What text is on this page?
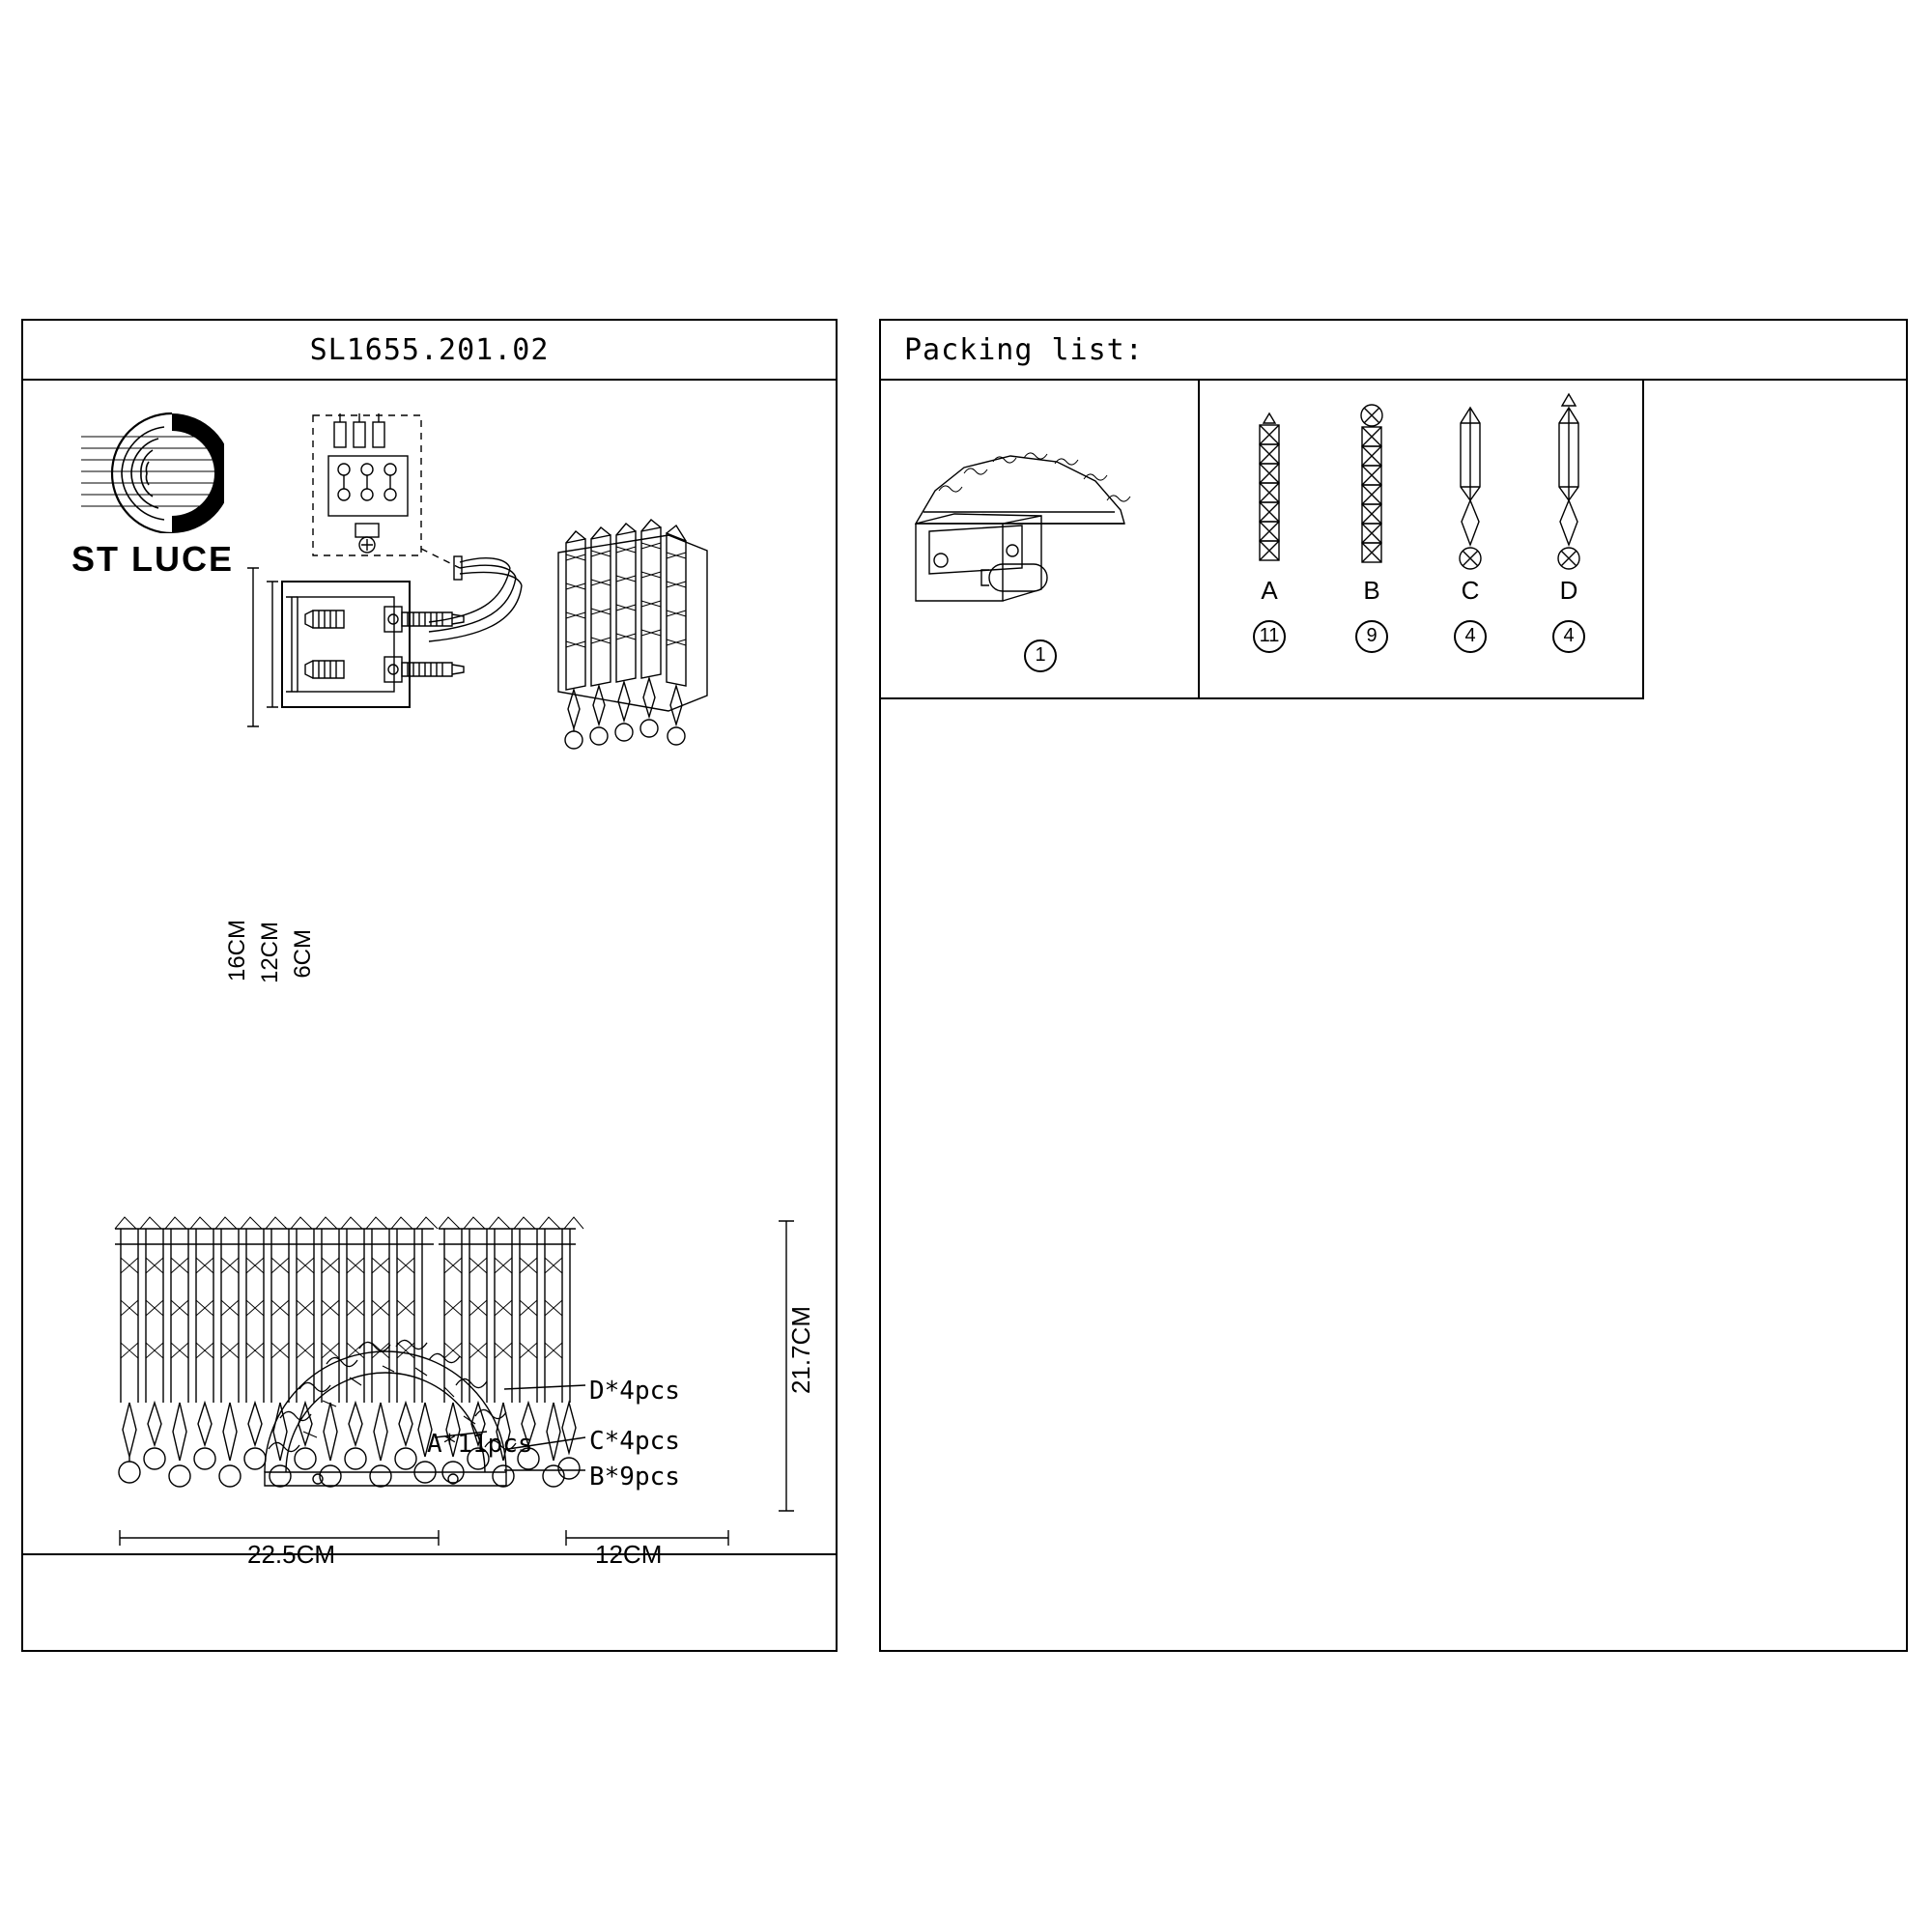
SL1655.201.02
ST LUCE
16CM 12CM 6CM
21.7CM
22.5CM	12CM
D*4pcs
C*4pcs
B*9pcs
A*11pcs
Packing list:
1
A	B	C	D
11	9	4	4
